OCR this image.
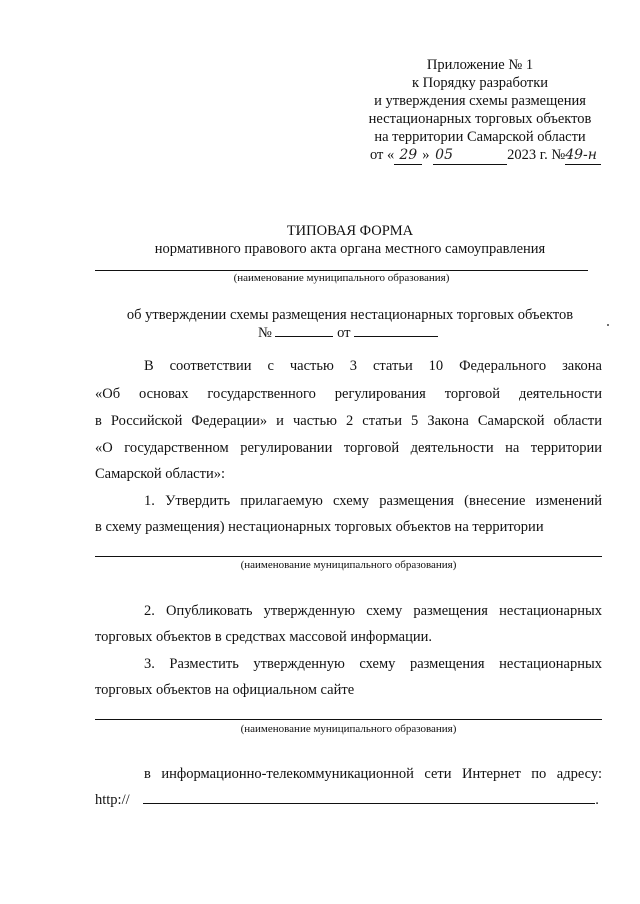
Приложение № 1
к Порядку разработки
и утверждения схемы размещения
нестационарных торговых объектов
на территории Самарской области
от « 29 » 05	2023 г. №49-н
ТИПОВАЯ ФОРМА
нормативного правового акта органа местного самоуправления
(наименование муниципального образования)
об утверждении схемы размещения нестационарных торговых объектов
№	от
В соответствии с частью 3 статьи 10 Федерального закона
«Об основах государственного регулирования торговой деятельности
в Российской Федерации» и частью 2 статьи 5 Закона Самарской области
«О государственном регулировании торговой деятельности на территории
Самарской области»:
1. Утвердить прилагаемую схему размещения (внесение изменений
в схему размещения) нестационарных торговых объектов на территории
(наименование муниципального образования)
2. Опубликовать утвержденную схему размещения нестационарных
торговых объектов в средствах массовой информации.
3. Разместить утвержденную схему размещения нестационарных
торговых объектов на официальном сайте
(наименование муниципального образования)
в информационно-телекоммуникационной сети Интернет по адресу:
http://	.
